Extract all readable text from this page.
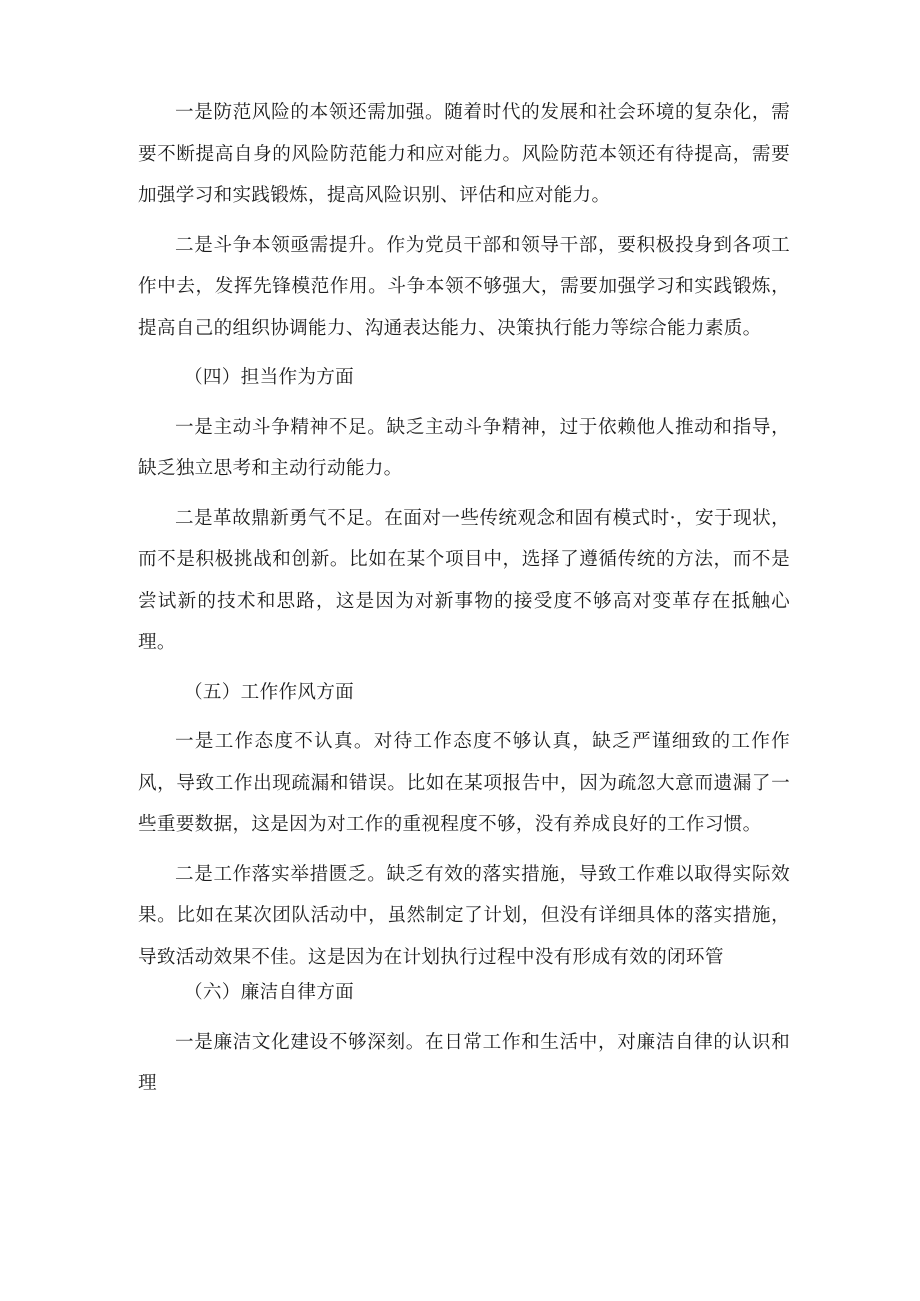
一是防范风险的本领还需加强。随着时代的发展和社会环境的复杂化，需要不断提高自身的风险防范能力和应对能力。风险防范本领还有待提高，需要加强学习和实践锻炼，提高风险识别、评估和应对能力。

二是斗争本领亟需提升。作为党员干部和领导干部，要积极投身到各项工作中去，发挥先锋模范作用。斗争本领不够强大，需要加强学习和实践锻炼，提高自己的组织协调能力、沟通表达能力、决策执行能力等综合能力素质。

（四）担当作为方面

一是主动斗争精神不足。缺乏主动斗争精神，过于依赖他人推动和指导，缺乏独立思考和主动行动能力。

二是革故鼎新勇气不足。在面对一些传统观念和固有模式时·，安于现状，而不是积极挑战和创新。比如在某个项目中，选择了遵循传统的方法，而不是尝试新的技术和思路，这是因为对新事物的接受度不够高对变革存在抵触心理。

（五）工作作风方面

一是工作态度不认真。对待工作态度不够认真，缺乏严谨细致的工作作风，导致工作出现疏漏和错误。比如在某项报告中，因为疏忽大意而遗漏了一些重要数据，这是因为对工作的重视程度不够，没有养成良好的工作习惯。

二是工作落实举措匮乏。缺乏有效的落实措施，导致工作难以取得实际效果。比如在某次团队活动中，虽然制定了计划，但没有详细具体的落实措施，导致活动效果不佳。这是因为在计划执行过程中没有形成有效的闭环管

（六）廉洁自律方面

一是廉洁文化建设不够深刻。在日常工作和生活中，对廉洁自律的认识和理
